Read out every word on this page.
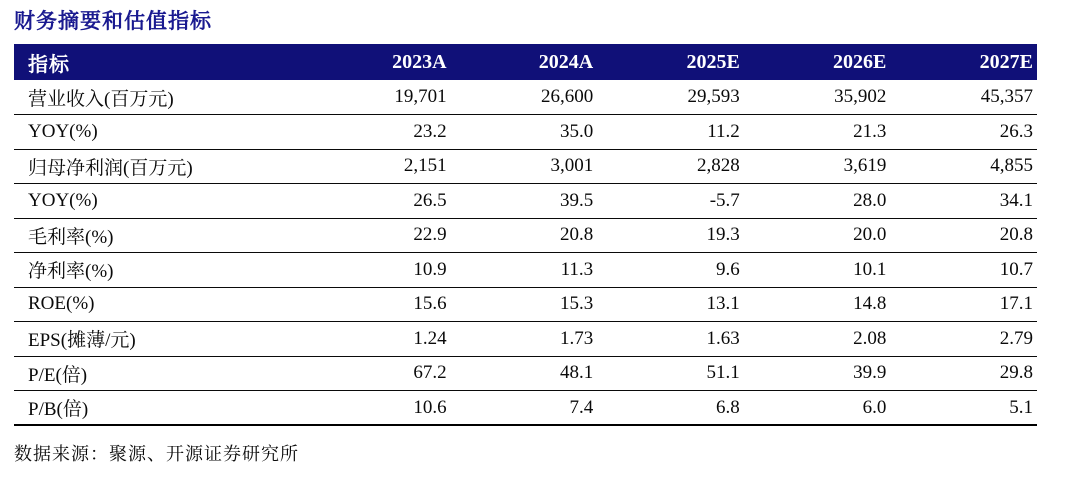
财务摘要和估值指标
指标	2023A	2024A	2025E	2026E	2027E
营业收入(百万元)	19,701	26,600	29,593	35,902	45,357
YOY(%)	23.2	35.0	11.2	21.3	26.3
归母净利润(百万元)	2,151	3,001	2,828	3,619	4,855
YOY(%)	26.5	39.5	-5.7	28.0	34.1
毛利率(%)	22.9	20.8	19.3	20.0	20.8
净利率(%)	10.9	11.3	9.6	10.1	10.7
ROE(%)	15.6	15.3	13.1	14.8	17.1
EPS(摊薄/元)	1.24	1.73	1.63	2.08	2.79
P/E(倍)	67.2	48.1	51.1	39.9	29.8
P/B(倍)	10.6	7.4	6.8	6.0	5.1
数据来源：聚源、开源证券研究所
